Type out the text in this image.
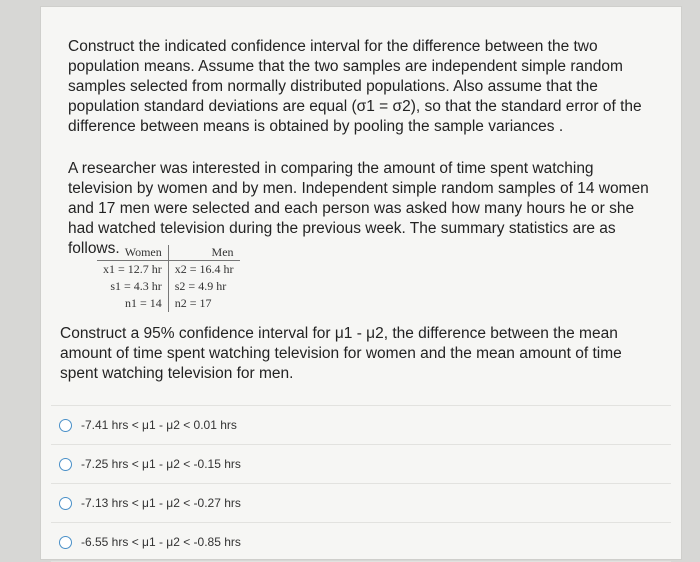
Construct the indicated confidence interval for the difference between the two population means. Assume that the two samples are independent simple random samples selected from normally distributed populations. Also assume that the population standard deviations are equal (σ1 = σ2), so that the standard error of the difference between means is obtained by pooling the sample variances .
A researcher was interested in comparing the amount of time spent watching television by women and by men. Independent simple random samples of 14 women and 17 men were selected and each person was asked how many hours he or she had watched television during the previous week. The summary statistics are as follows. Women	Men
x1 = 12.7 hr	x2 = 16.4 hr
s1 = 4.3 hr	s2 = 4.9 hr
n1 = 14	n2 = 17
Construct a 95% confidence interval for μ1 - μ2, the difference between the mean amount of time spent watching television for women and the mean amount of time spent watching television for men.
-7.41 hrs < μ1 - μ2 < 0.01 hrs
-7.25 hrs < μ1 - μ2 < -0.15 hrs
-7.13 hrs < μ1 - μ2 < -0.27 hrs
-6.55 hrs < μ1 - μ2 < -0.85 hrs
